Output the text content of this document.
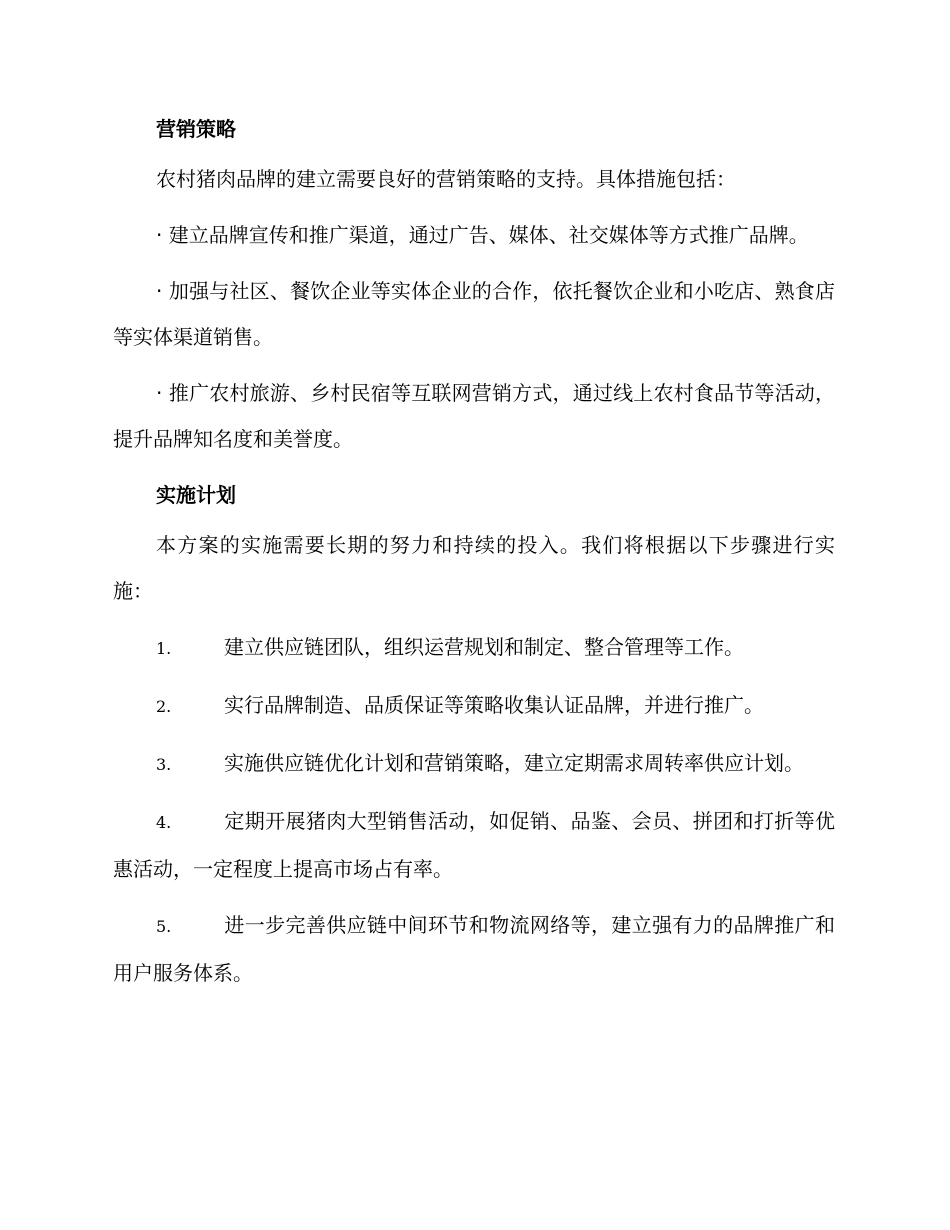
营销策略

农村猪肉品牌的建立需要良好的营销策略的支持。具体措施包括：

· 建立品牌宣传和推广渠道，通过广告、媒体、社交媒体等方式推广品牌。

· 加强与社区、餐饮企业等实体企业的合作，依托餐饮企业和小吃店、熟食店等实体渠道销售。

· 推广农村旅游、乡村民宿等互联网营销方式，通过线上农村食品节等活动，提升品牌知名度和美誉度。

实施计划

本方案的实施需要长期的努力和持续的投入。我们将根据以下步骤进行实施：

1.	建立供应链团队，组织运营规划和制定、整合管理等工作。

2.	实行品牌制造、品质保证等策略收集认证品牌，并进行推广。

3.	实施供应链优化计划和营销策略，建立定期需求周转率供应计划。

4.	定期开展猪肉大型销售活动，如促销、品鉴、会员、拼团和打折等优惠活动，一定程度上提高市场占有率。

5.	进一步完善供应链中间环节和物流网络等，建立强有力的品牌推广和用户服务体系。
